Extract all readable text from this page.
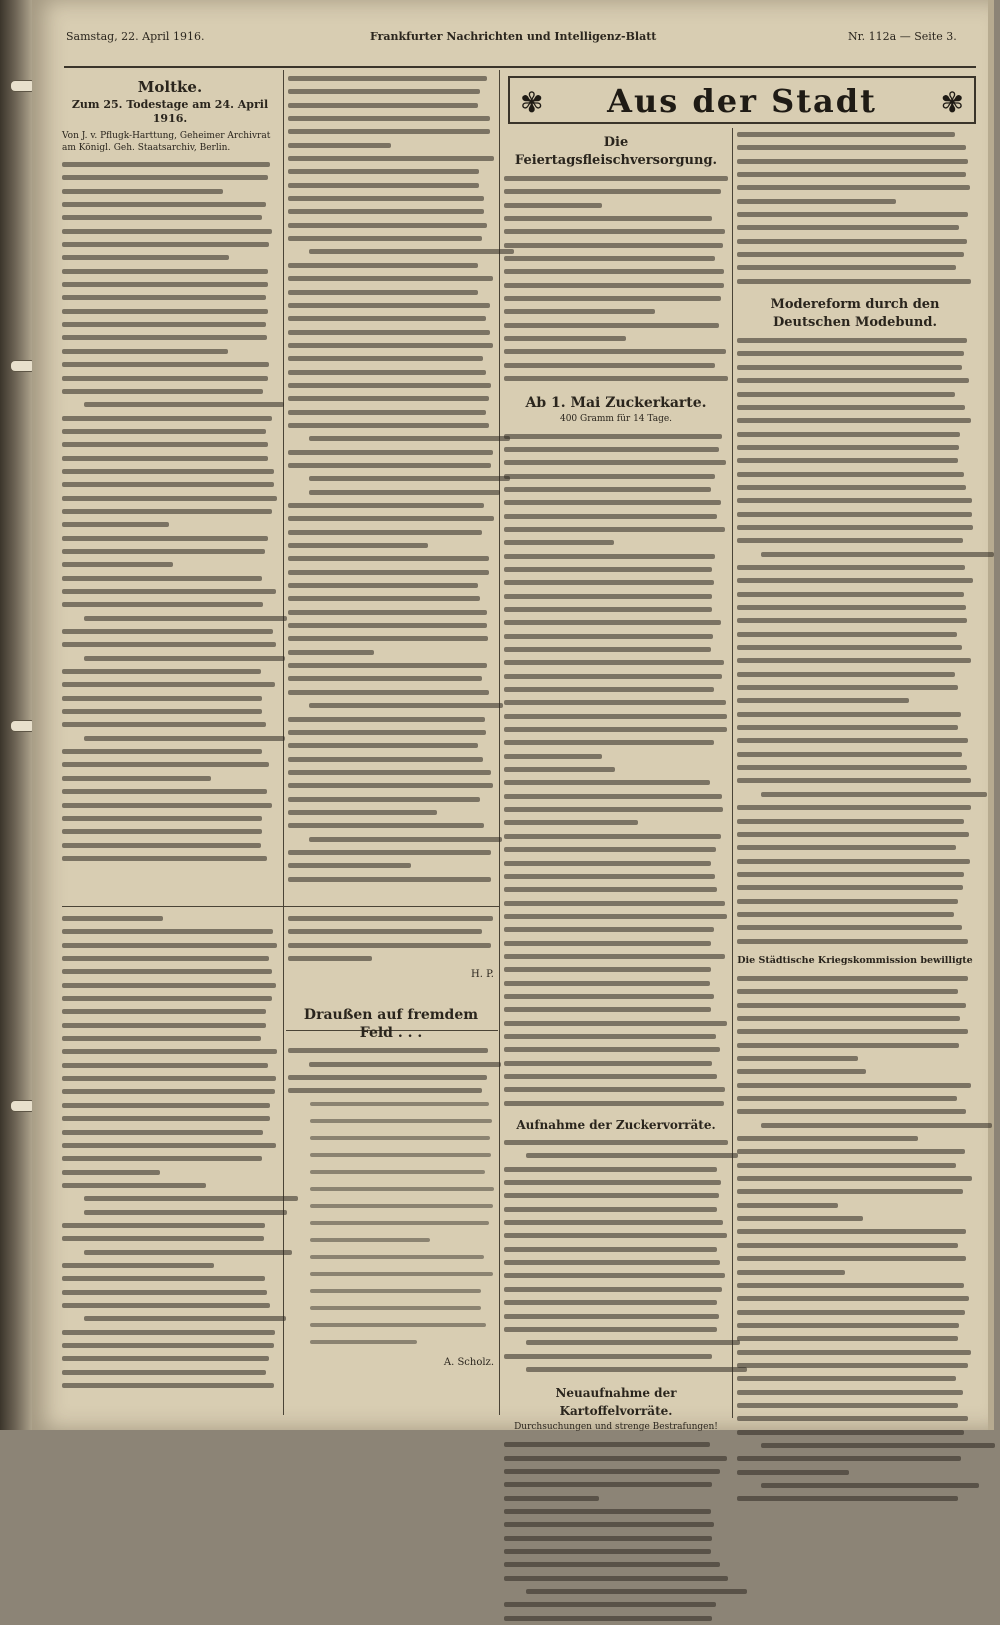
Samstag, 22. April 1916.	Frankfurter Nachrichten und Intelligenz-Blatt	Nr. 112a — Seite 3.
✾	Aus der Stadt	✾
Moltke.
Zum 25. Todestage am 24. April 1916.
Von J. v. Pflugk-Harttung, Geheimer Archivrat am Königl. Geh. Staatsarchiv, Berlin.
H. P.
Draußen auf fremdem Feld . . .
A. Scholz.
Die Feiertagsfleischversorgung.
Ab 1. Mai Zuckerkarte.
400 Gramm für 14 Tage.
Aufnahme der Zuckervorräte.
Neuaufnahme der Kartoffelvorräte.
Durchsuchungen und strenge Bestrafungen!
Modereform durch den Deutschen Modebund.
Die Städtische Kriegskommission bewilligte
